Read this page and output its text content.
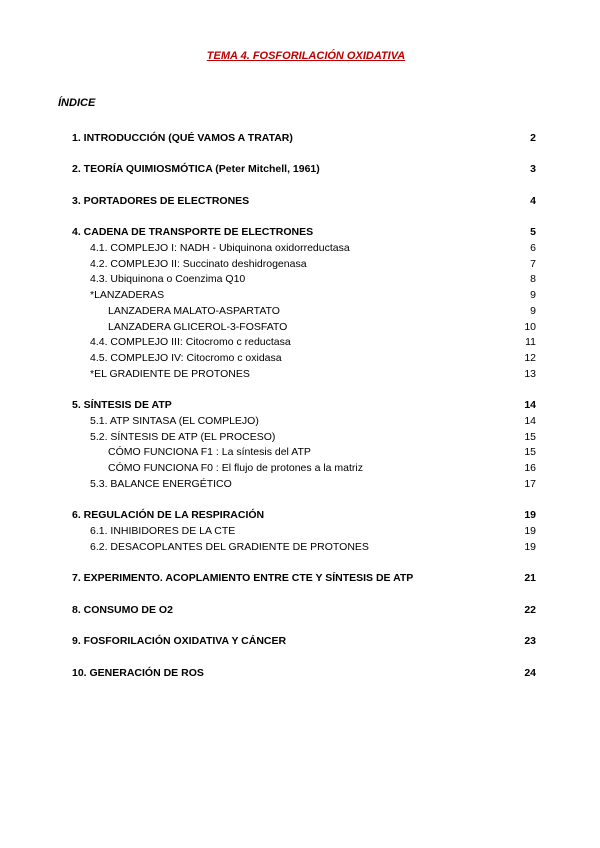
TEMA 4. FOSFORILACIÓN OXIDATIVA
ÍNDICE
1. INTRODUCCIÓN (QUÉ VAMOS A TRATAR)	2
2. TEORÍA QUIMIOSMÓTICA (Peter Mitchell, 1961)	3
3. PORTADORES DE ELECTRONES	4
4. CADENA DE TRANSPORTE DE ELECTRONES	5
4.1. COMPLEJO I: NADH - Ubiquinona oxidorreductasa	6
4.2. COMPLEJO II: Succinato deshidrogenasa	7
4.3. Ubiquinona o Coenzima Q10	8
*LANZADERAS	9
LANZADERA MALATO-ASPARTATO	9
LANZADERA GLICEROL-3-FOSFATO	10
4.4. COMPLEJO III: Citocromo c reductasa	11
4.5. COMPLEJO IV: Citocromo c oxidasa	12
*EL GRADIENTE DE PROTONES	13
5. SÍNTESIS DE ATP	14
5.1. ATP SINTASA (EL COMPLEJO)	14
5.2. SÍNTESIS DE ATP (EL PROCESO)	15
CÓMO FUNCIONA F1 : La síntesis del ATP	15
CÓMO FUNCIONA F0 : El flujo de protones a la matriz	16
5.3. BALANCE ENERGÉTICO	17
6. REGULACIÓN DE LA RESPIRACIÓN	19
6.1. INHIBIDORES DE LA CTE	19
6.2. DESACOPLANTES DEL GRADIENTE DE PROTONES	19
7. EXPERIMENTO. ACOPLAMIENTO ENTRE CTE Y SÍNTESIS DE ATP	21
8. CONSUMO DE O2	22
9. FOSFORILACIÓN OXIDATIVA Y CÁNCER	23
10. GENERACIÓN DE ROS	24
